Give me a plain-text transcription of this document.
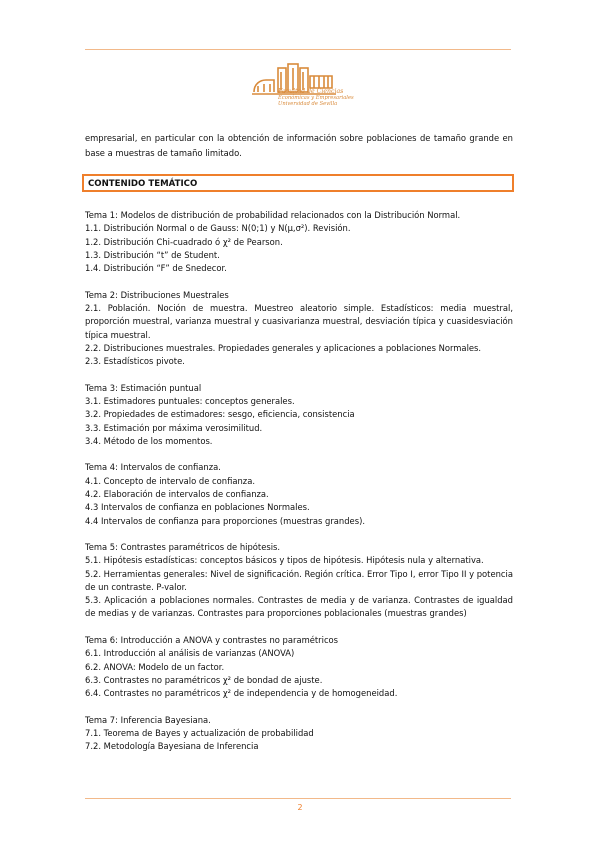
Facultad de Ciencias
Económicas y Empresariales
Universidad de Sevilla

empresarial, en particular con la obtención de información sobre poblaciones de tamaño grande en base a muestras de tamaño limitado.

CONTENIDO TEMÁTICO

Tema 1: Modelos de distribución de probabilidad relacionados con la Distribución Normal.

1.1. Distribución Normal o de Gauss: N(0;1) y N(μ,σ²). Revisión.

1.2. Distribución Chi-cuadrado ó χ² de Pearson.

1.3. Distribución “t” de Student.

1.4. Distribución “F” de Snedecor.

Tema 2: Distribuciones Muestrales

2.1. Población. Noción de muestra. Muestreo aleatorio simple. Estadísticos: media muestral, proporción muestral, varianza muestral y cuasivarianza muestral, desviación típica y cuasidesviación típica muestral.

2.2. Distribuciones muestrales. Propiedades generales y aplicaciones a poblaciones Normales.

2.3. Estadísticos pivote.

Tema 3: Estimación puntual

3.1. Estimadores puntuales: conceptos generales.

3.2. Propiedades de estimadores: sesgo, eficiencia, consistencia

3.3. Estimación por máxima verosimilitud.

3.4. Método de los momentos.

Tema 4: Intervalos de confianza.

4.1. Concepto de intervalo de confianza.

4.2. Elaboración de intervalos de confianza.

4.3 Intervalos de confianza en poblaciones Normales.

4.4 Intervalos de confianza para proporciones (muestras grandes).

Tema 5: Contrastes paramétricos de hipótesis.

5.1. Hipótesis estadísticas: conceptos básicos y tipos de hipótesis. Hipótesis nula y alternativa.

5.2. Herramientas generales: Nivel de significación. Región crítica. Error Tipo I, error Tipo II y potencia de un contraste. P-valor.

5.3. Aplicación a poblaciones normales. Contrastes de media y de varianza. Contrastes de igualdad de medias y de varianzas. Contrastes para proporciones poblacionales (muestras grandes)

Tema 6: Introducción a ANOVA y contrastes no paramétricos

6.1. Introducción al análisis de varianzas (ANOVA)

6.2. ANOVA: Modelo de un factor.

6.3. Contrastes no paramétricos χ² de bondad de ajuste.

6.4. Contrastes no paramétricos χ² de independencia y de homogeneidad.

Tema 7: Inferencia Bayesiana.

7.1. Teorema de Bayes y actualización de probabilidad

7.2. Metodología Bayesiana de Inferencia

2
